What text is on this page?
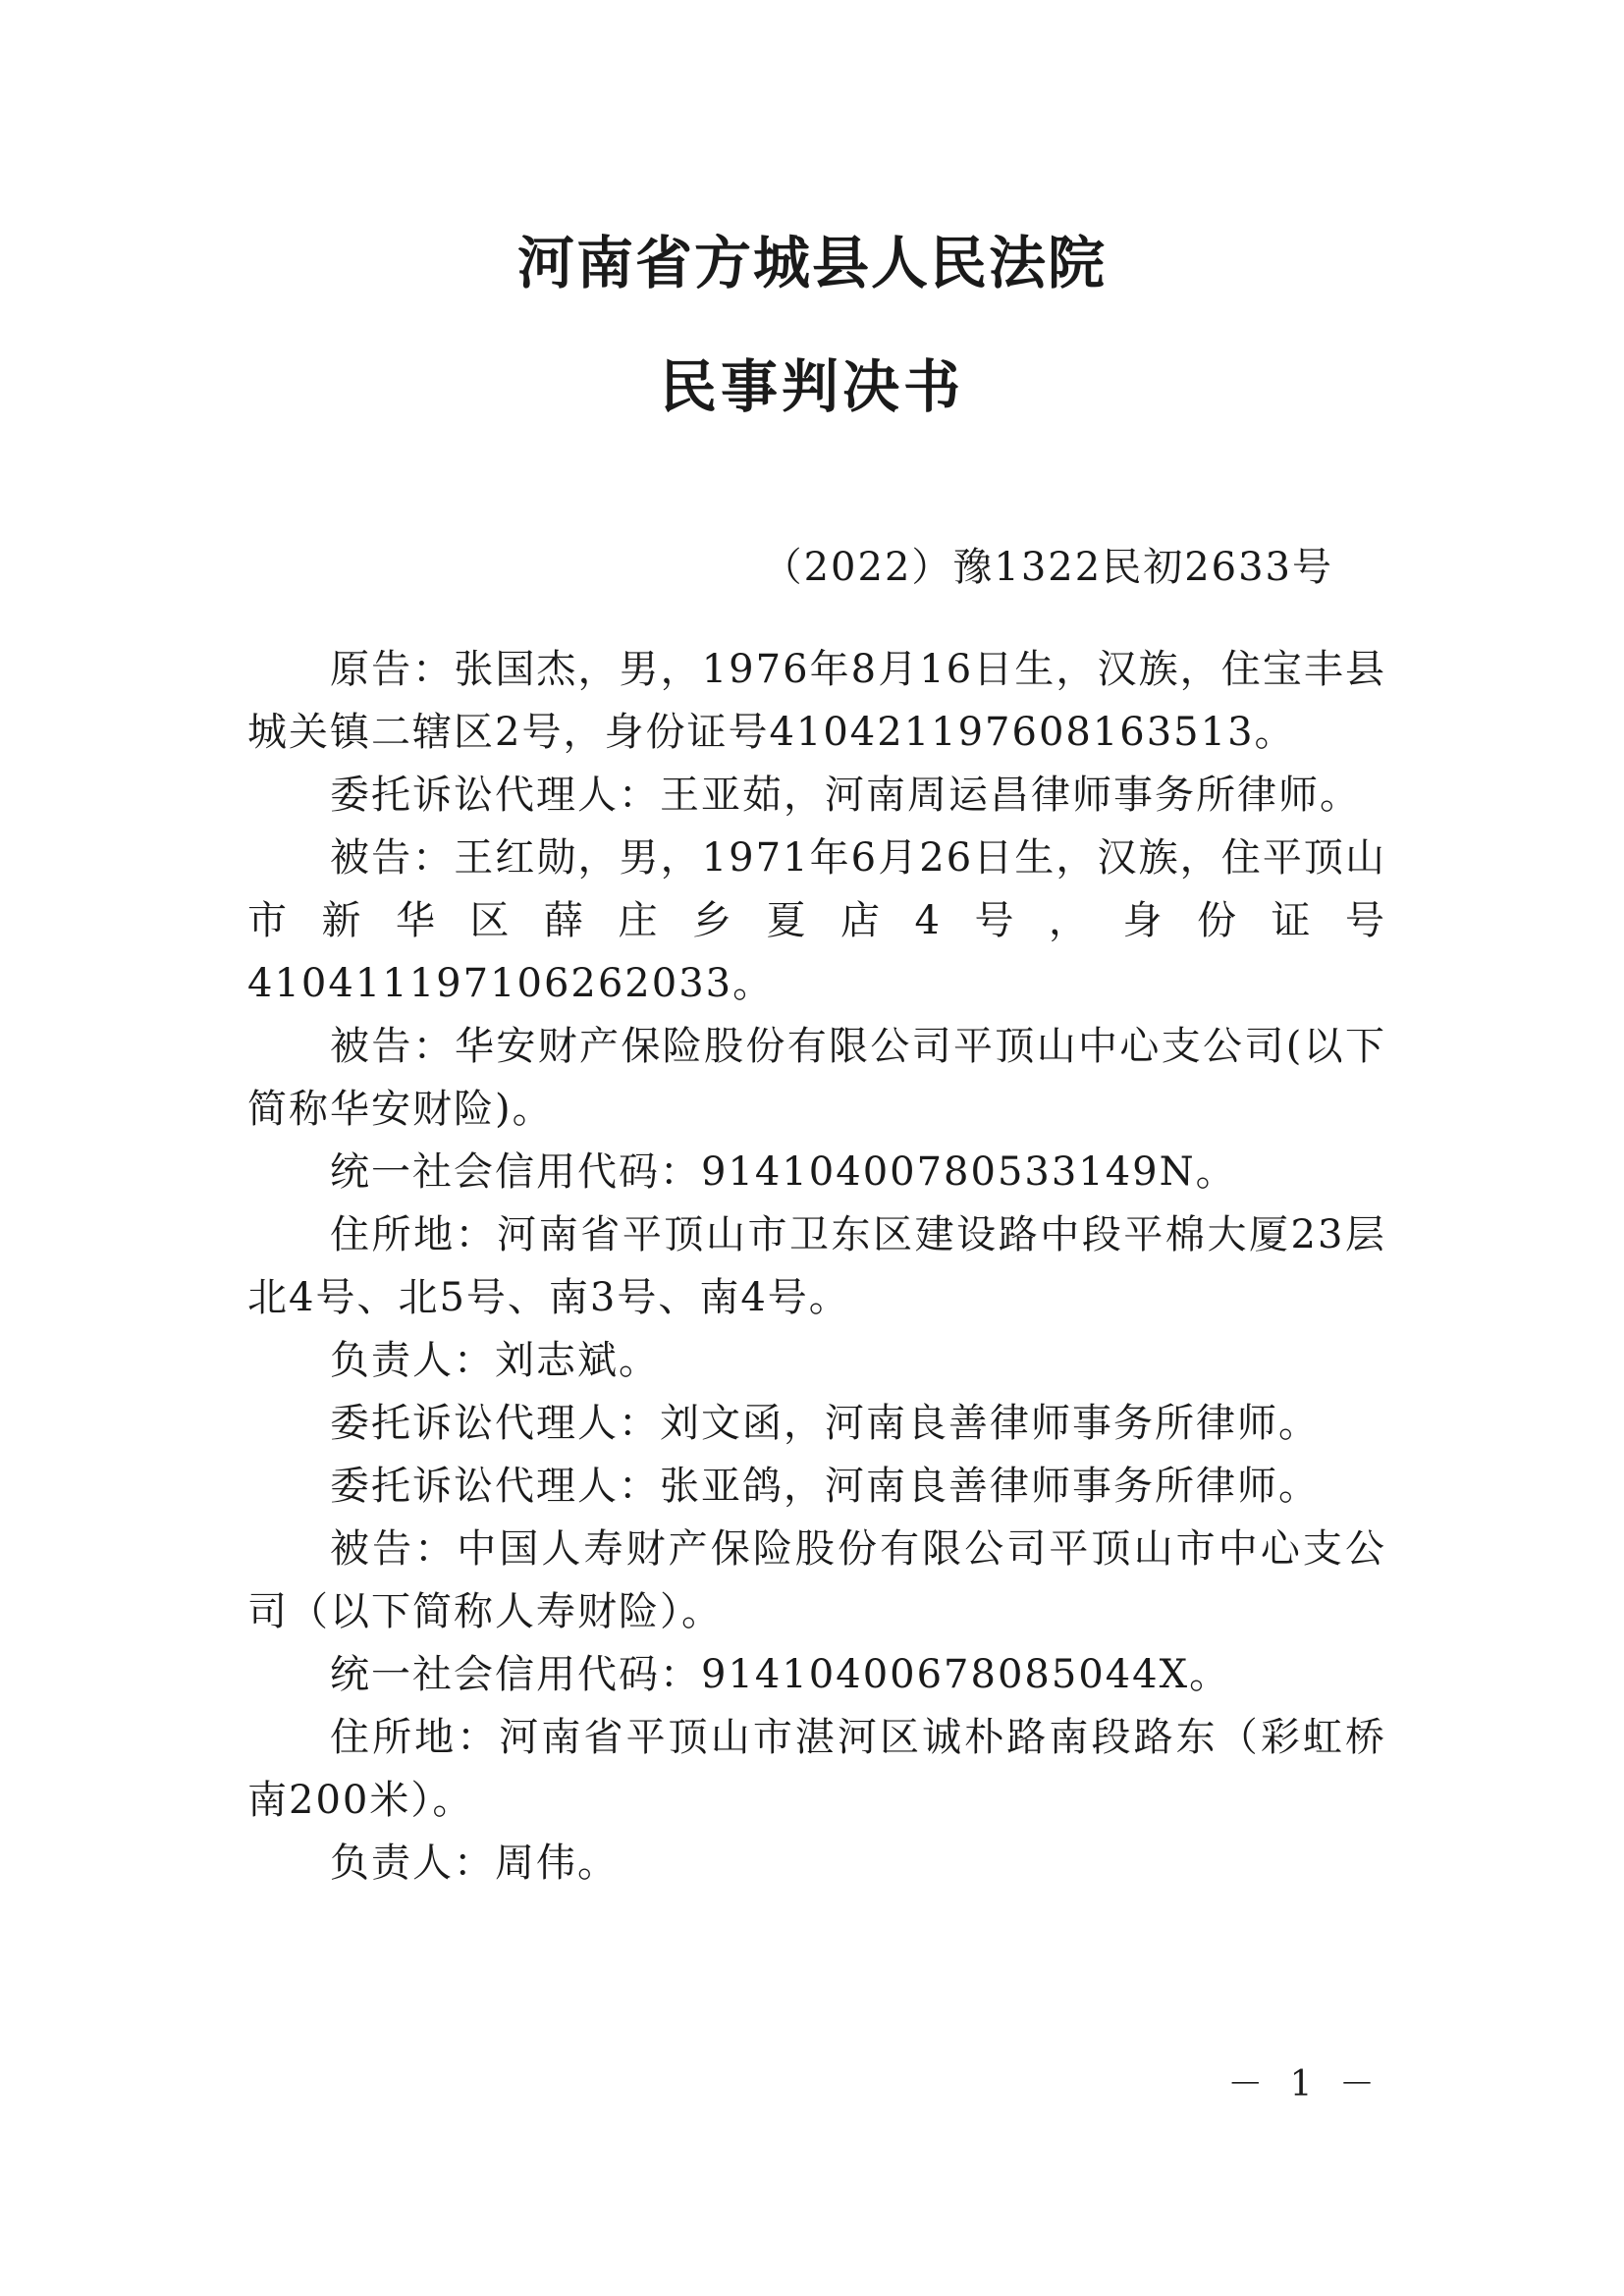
河南省方城县人民法院
民事判决书
（2022）豫1322民初2633号

原告：张国杰，男，1976年8月16日生，汉族，住宝丰县城关镇二辖区2号，身份证号410421197608163513。

委托诉讼代理人：王亚茹，河南周运昌律师事务所律师。

被告：王红勋，男，1971年6月26日生，汉族，住平顶山市新华区薛庄乡夏店4号，身份证号410411197106262033。

被告：华安财产保险股份有限公司平顶山中心支公司(以下简称华安财险)。

统一社会信用代码：91410400780533149N。

住所地：河南省平顶山市卫东区建设路中段平棉大厦23层北4号、北5号、南3号、南4号。

负责人：刘志斌。

委托诉讼代理人：刘文函，河南良善律师事务所律师。

委托诉讼代理人：张亚鸽，河南良善律师事务所律师。

被告：中国人寿财产保险股份有限公司平顶山市中心支公司（以下简称人寿财险）。

统一社会信用代码：91410400678085044X。

住所地：河南省平顶山市湛河区诚朴路南段路东（彩虹桥南200米）。

负责人：周伟。

－ 1 －
